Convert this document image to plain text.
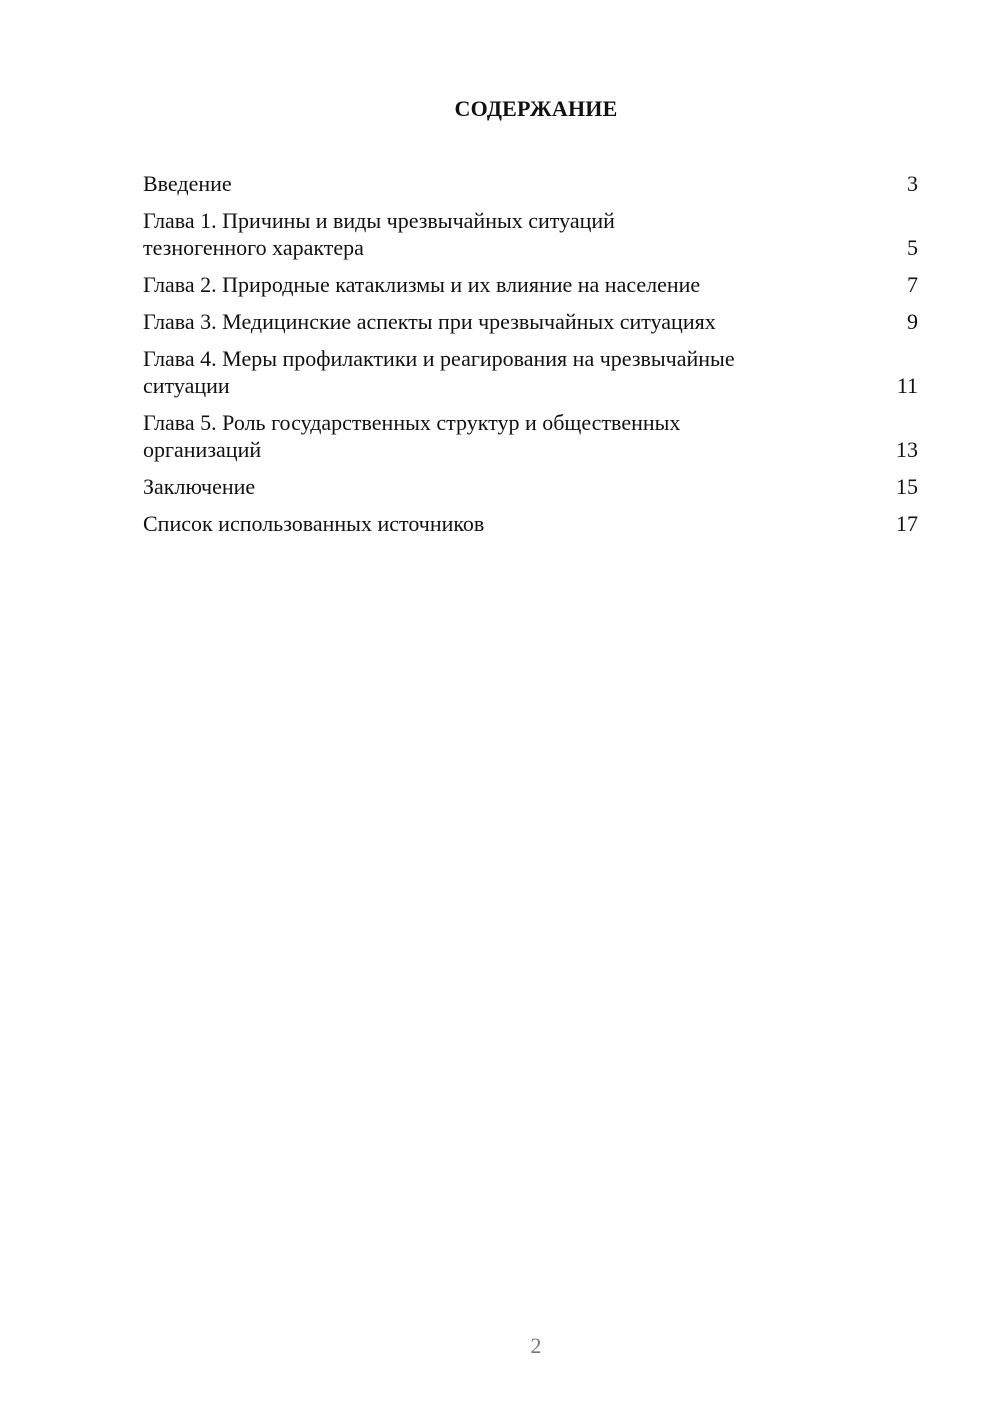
СОДЕРЖАНИЕ
Введение	3
Глава 1. Причины и виды чрезвычайных ситуаций
тезногенного характера	5
Глава 2. Природные катаклизмы и их влияние на население	7
Глава 3. Медицинские аспекты при чрезвычайных ситуациях	9
Глава 4. Меры профилактики и реагирования на чрезвычайные
ситуации	11
Глава 5. Роль государственных структур и общественных
организаций	13
Заключение	15
Список использованных источников	17
2
